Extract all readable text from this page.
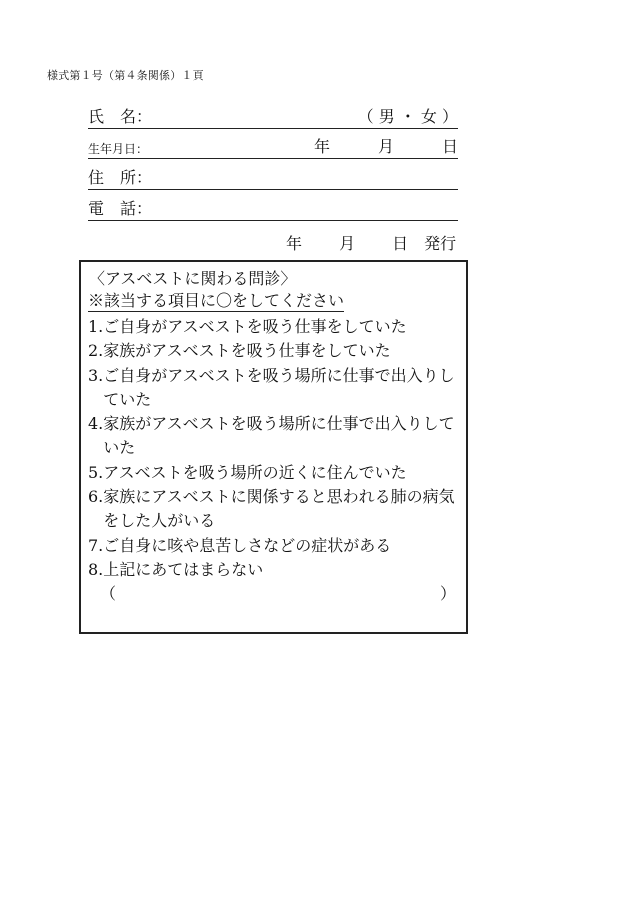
様式第１号（第４条関係）１頁
氏　名：	（ 男 ・ 女 ）
生年月日：	年　　　月　　　日
住　所：
電　話：
年　　 月　　 日　発行
〈アスベストに関わる問診〉
※該当する項目に〇をしてください
1. ご自身がアスベストを吸う仕事をしていた
2. 家族がアスベストを吸う仕事をしていた
3. ご自身がアスベストを吸う場所に仕事で出入りしていた
4. 家族がアスベストを吸う場所に仕事で出入りしていた
5. アスベストを吸う場所の近くに住んでいた
6. 家族にアスベストに関係すると思われる肺の病気をした人がいる
7. ご自身に咳や息苦しさなどの症状がある
8. 上記にあてはまらない
（	）
